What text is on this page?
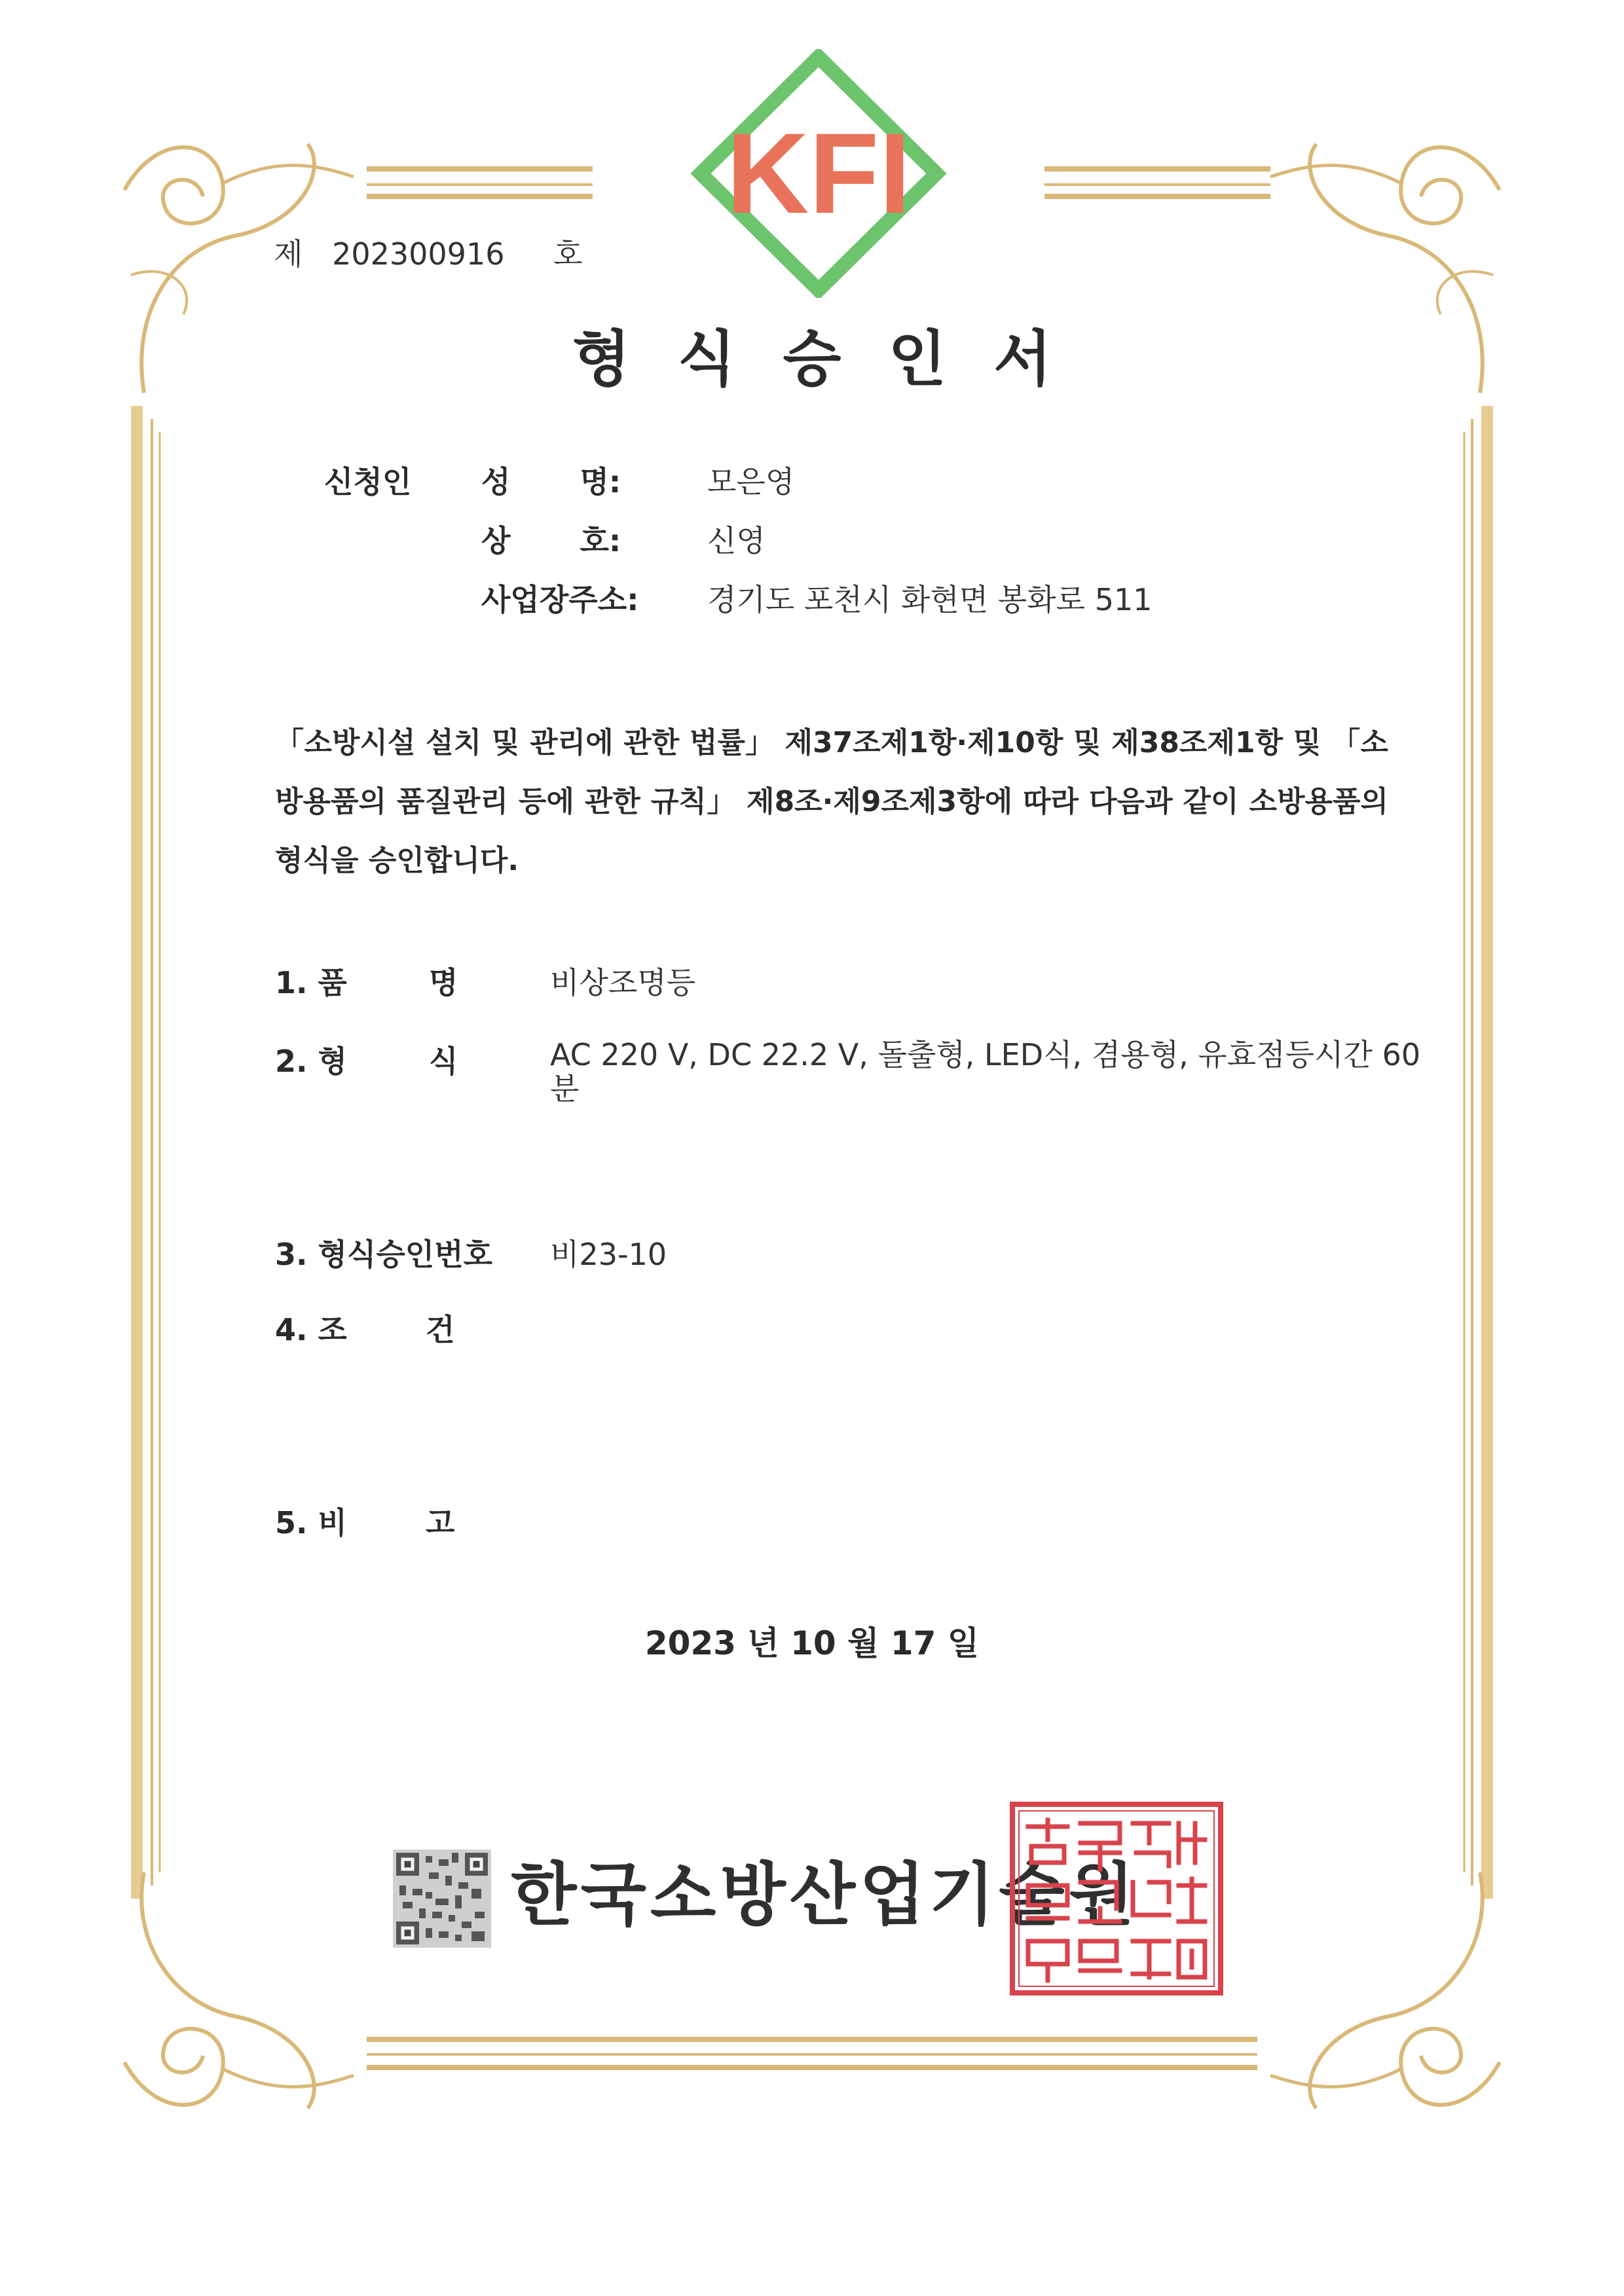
KFI
제 202300916 호
형식승인서
신청인 성 명:	모은영
상 호:	신영
사업장주소: 경기도 포천시 화현면 봉화로 511
「소방시설 설치 및 관리에 관한 법률」 제37조제1항·제10항 및 제38조제1항 및 「소방용품의 품질관리 등에 관한 규칙」 제8조·제9조제3항에 따라 다음과 같이 소방용품의 형식을 승인합니다.
1. 품	명	비상조명등
2. 형	식	AC 220 V, DC 22.2 V, 돌출형, LED식, 겸용형, 유효점등시간 60분
3. 형식승인번호 비23-10
4. 조	건
5. 비	고
2023 년 10 월 17 일
한국소방산업기술원
